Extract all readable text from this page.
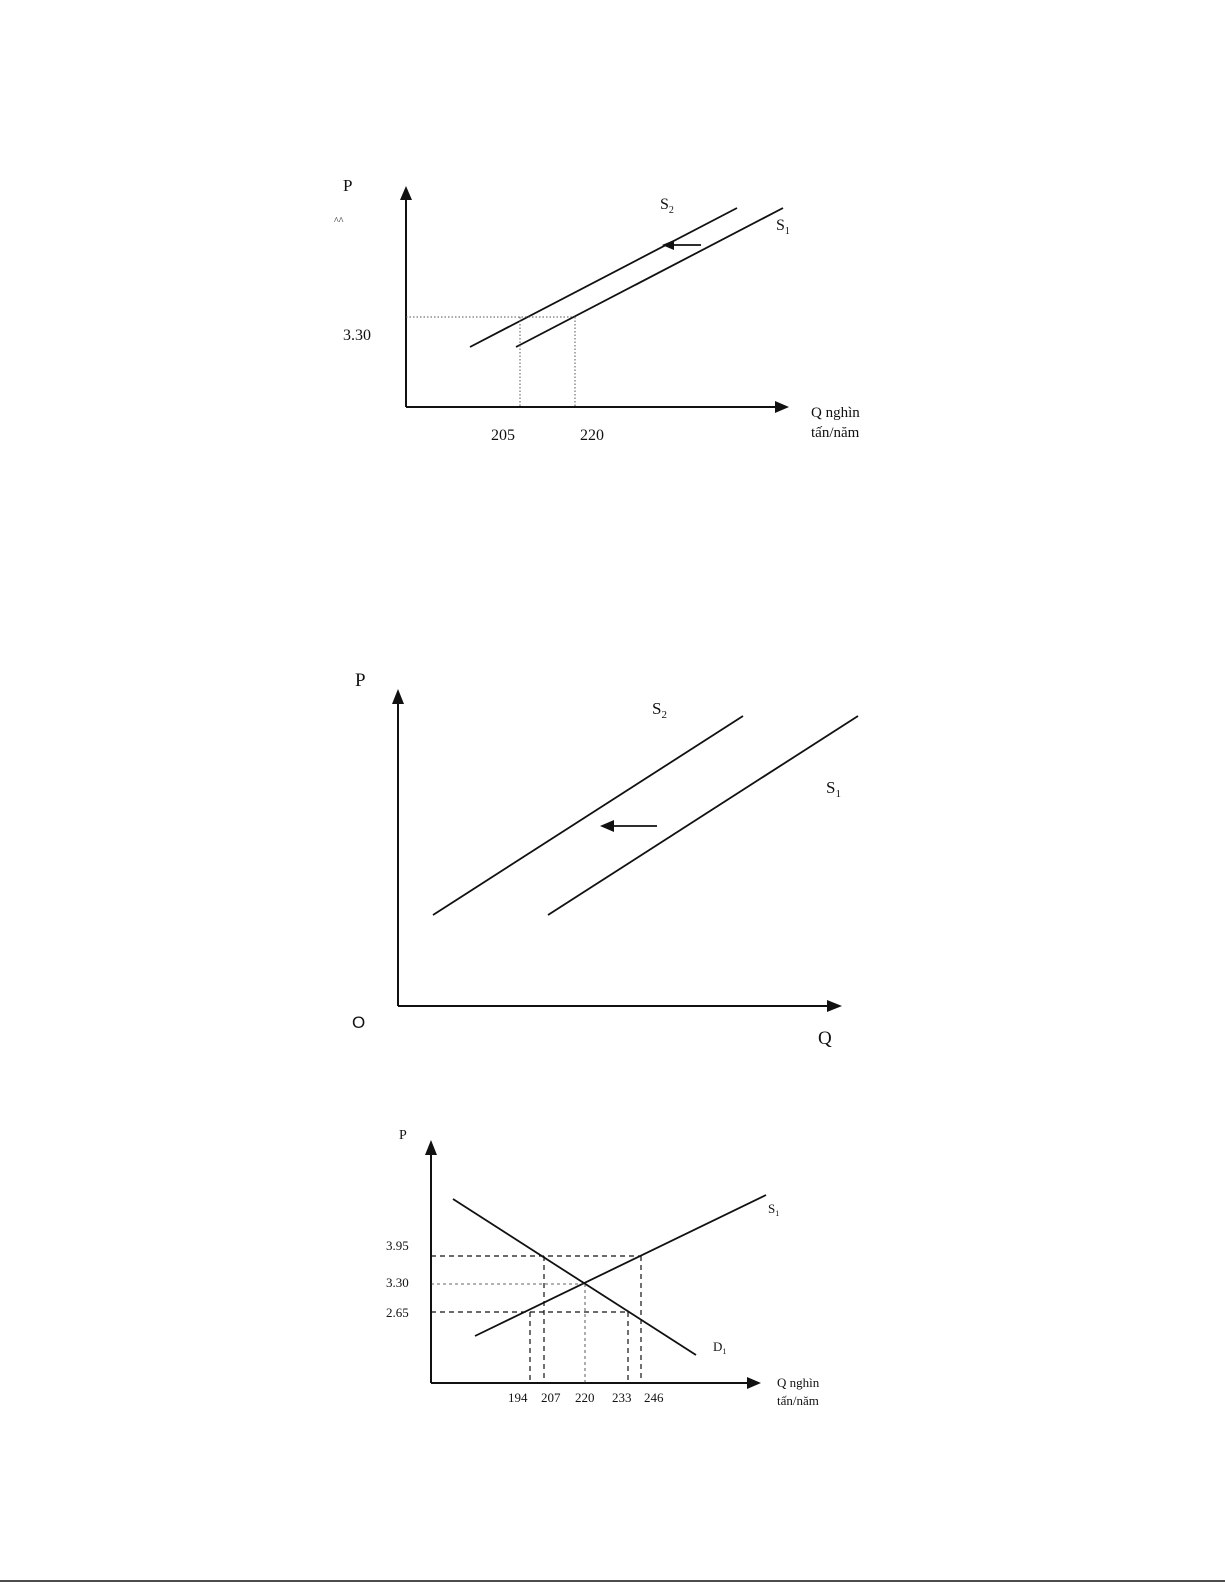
P
^^
$S_2$
$S_1$
3.30
205	220
Q nghìn
tấn/năm
P
O
Q
$S_2$
$S_1$
P
3.95
3.30
2.65
194 207 220 233 246
$S_1$
$D_1$
Q nghìn
tấn/năm
